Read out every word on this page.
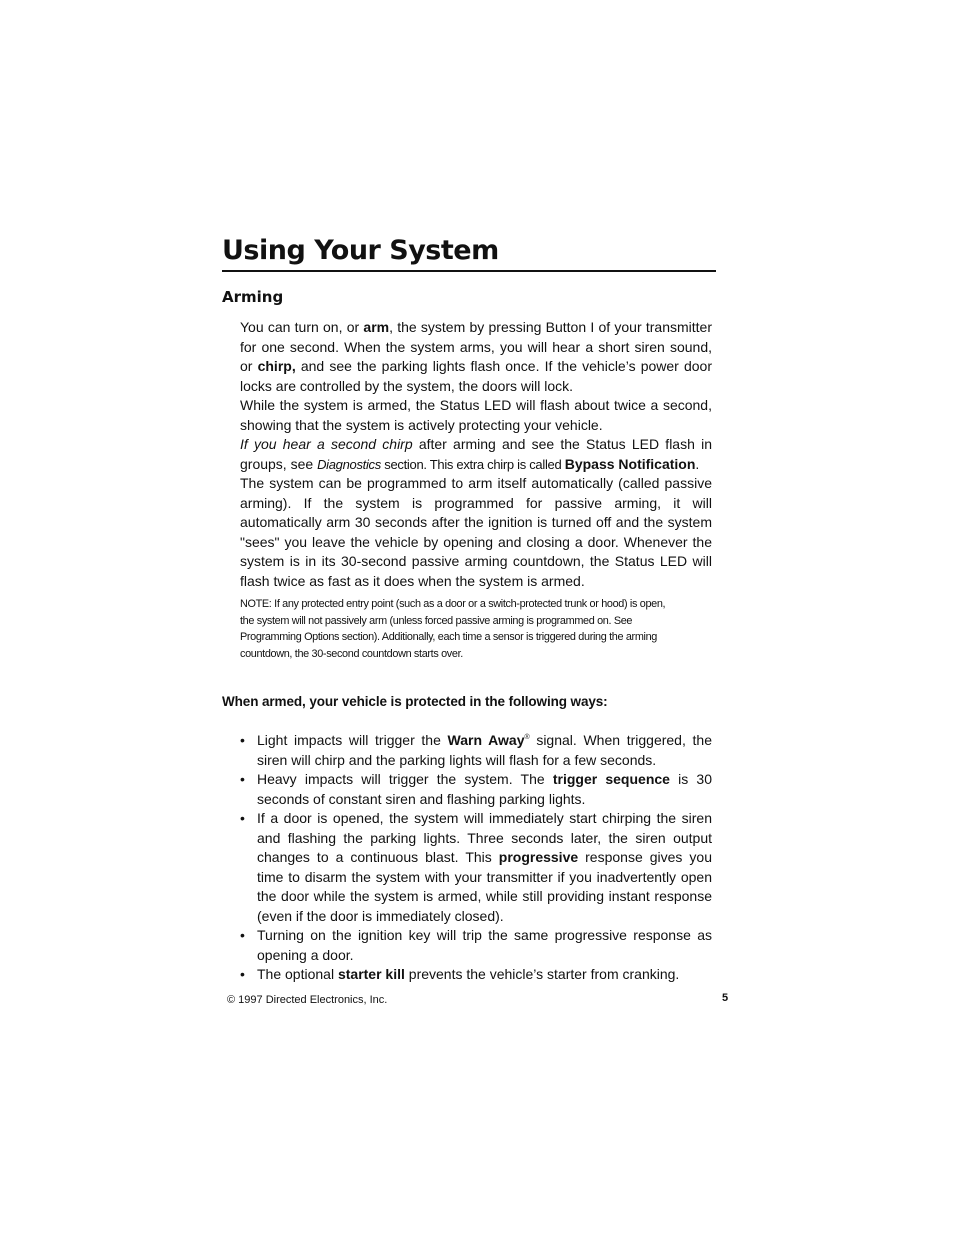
Using Your System
Arming

You can turn on, or arm, the system by pressing Button I of your transmitter for one second. When the system arms, you will hear a short siren sound, or chirp, and see the parking lights flash once. If the vehicle’s power door locks are controlled by the system, the doors will lock.

While the system is armed, the Status LED will flash about twice a second, showing that the system is actively protecting your vehicle.

If you hear a second chirp after arming and see the Status LED flash in groups, see Diagnostics section. This extra chirp is called Bypass Notification.

The system can be programmed to arm itself automatically (called passive arming). If the system is programmed for passive arming, it will automatically arm 30 seconds after the ignition is turned off and the system "sees" you leave the vehicle by opening and closing a door. Whenever the system is in its 30-second passive arming countdown, the Status LED will flash twice as fast as it does when the system is armed.

NOTE: If any protected entry point (such as a door or a switch-protected trunk or hood) is open,

the system will not passively arm (unless forced passive arming is programmed on. See

Programming Options section). Additionally, each time a sensor is triggered during the arming

countdown, the 30-second countdown starts over.

When armed, your vehicle is protected in the following ways:
• Light impacts will trigger the Warn Away® signal. When triggered, the siren will chirp and the parking lights will flash for a few seconds.
• Heavy impacts will trigger the system. The trigger sequence is 30 seconds of constant siren and flashing parking lights.
• If a door is opened, the system will immediately start chirping the siren and flashing the parking lights. Three seconds later, the siren output changes to a continuous blast. This progressive response gives you time to disarm the system with your transmitter if you inadvertently open the door while the system is armed, while still providing instant response (even if the door is immediately closed).
• Turning on the ignition key will trip the same progressive response as opening a door.
• The optional starter kill prevents the vehicle’s starter from cranking.
© 1997 Directed Electronics, Inc.	5
